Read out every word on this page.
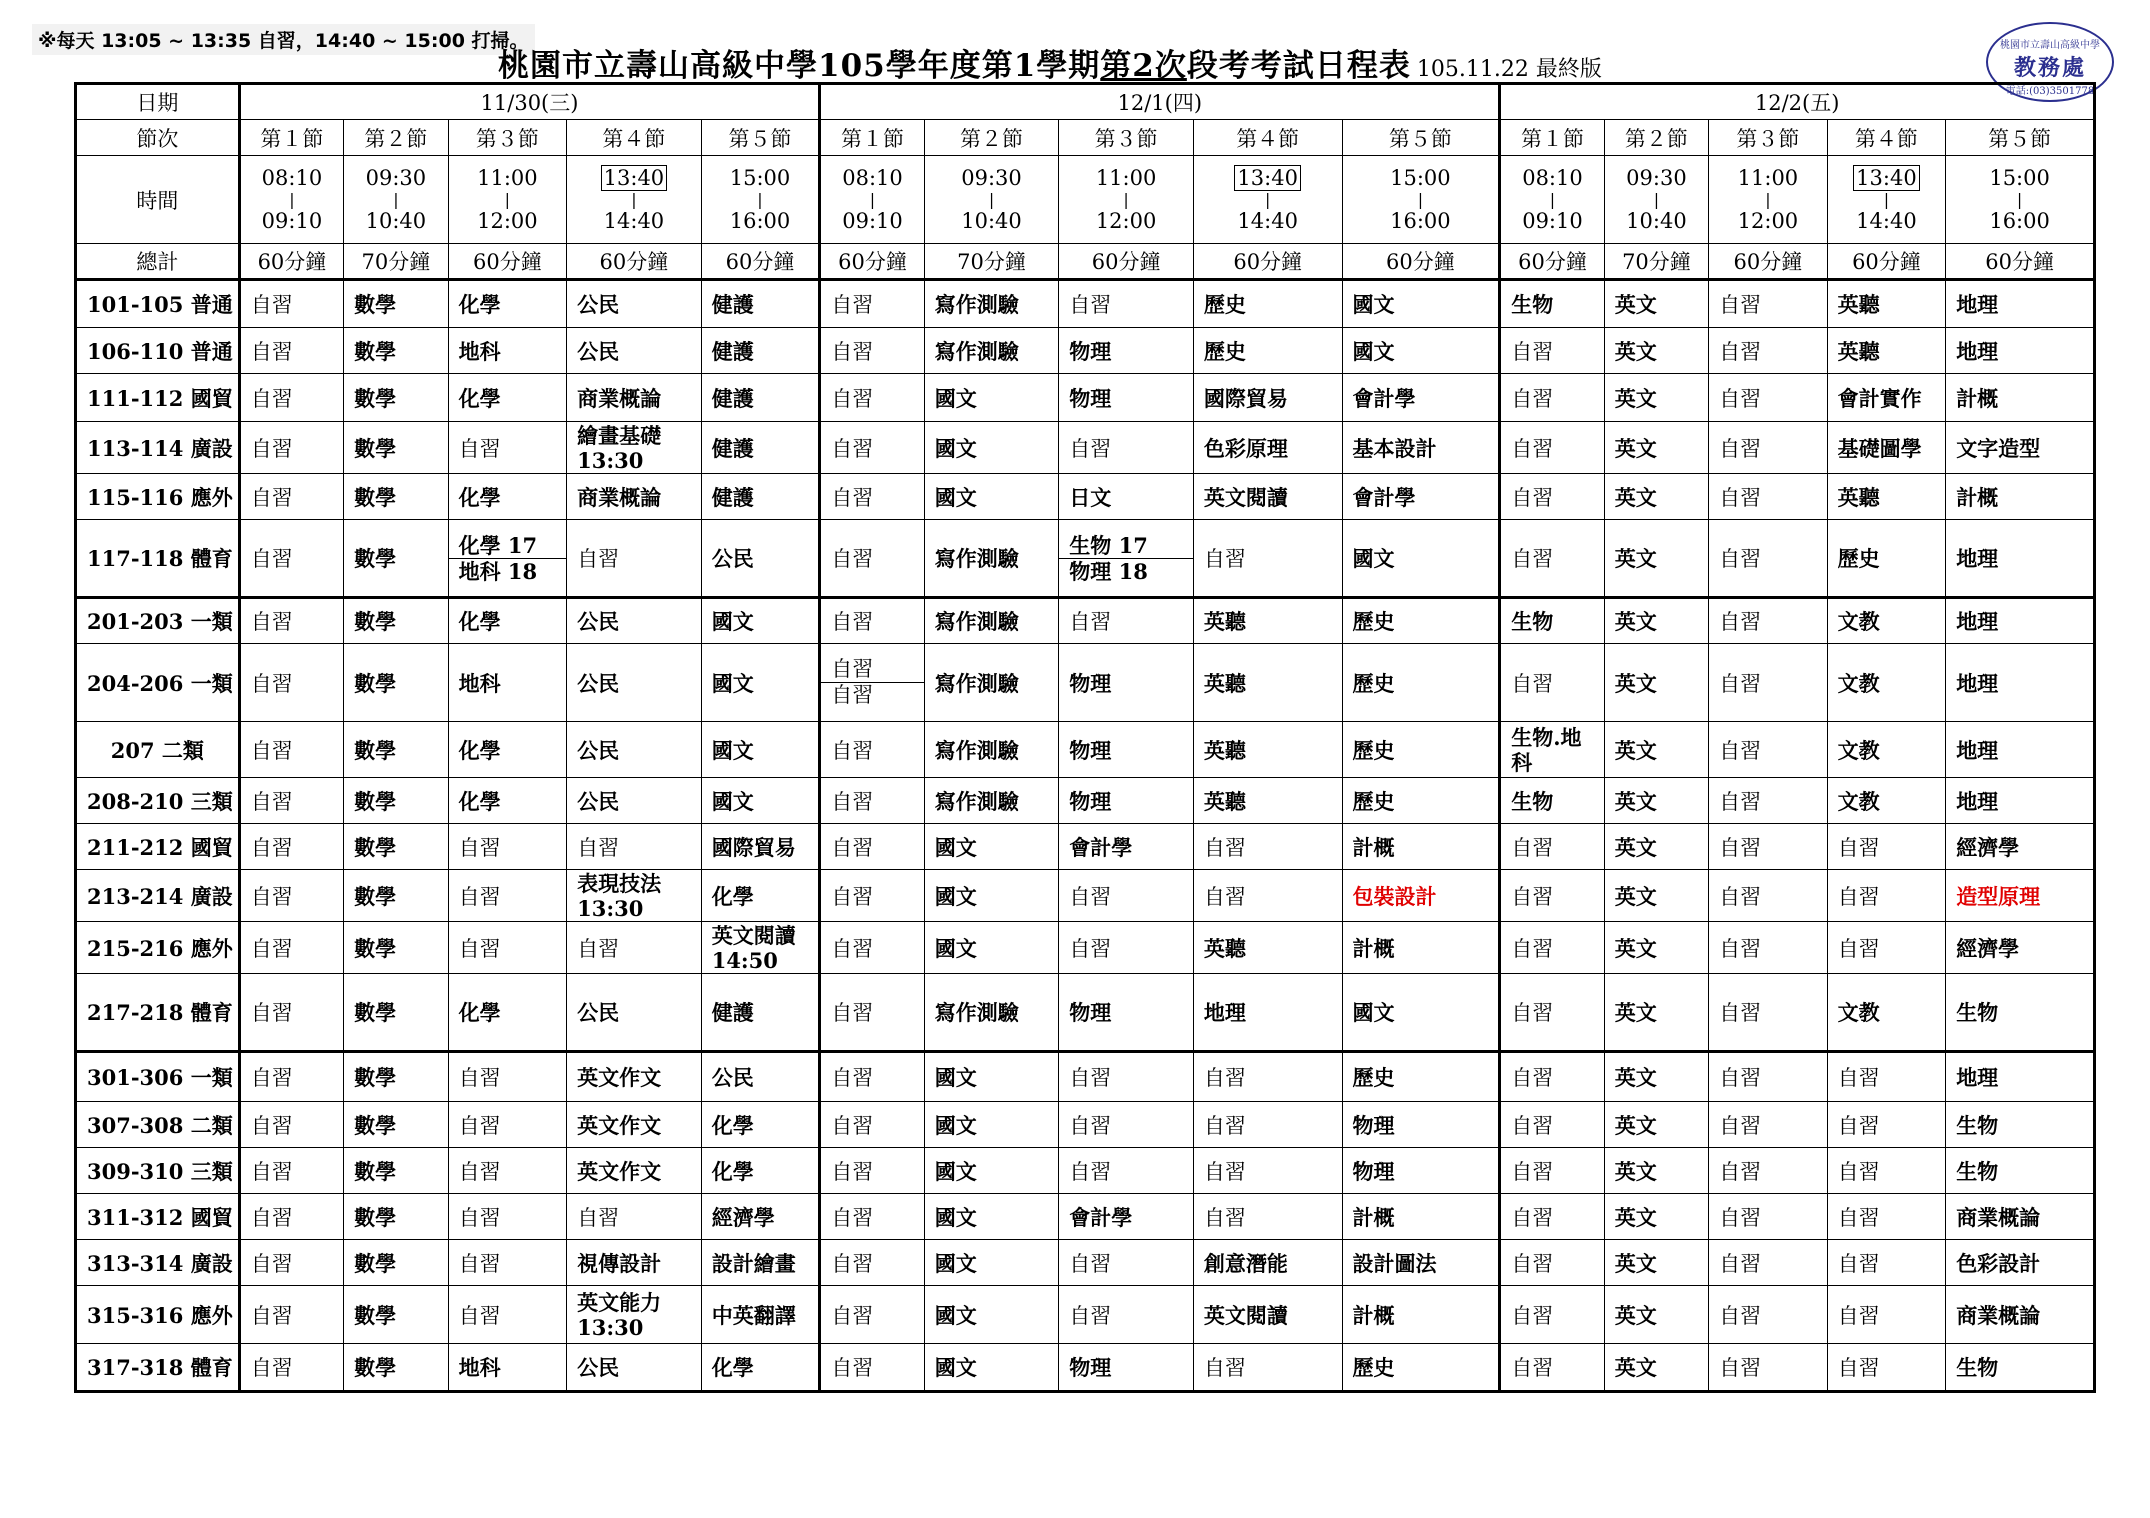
※每天 13:05 ~ 13:35 自習，14:40 ~ 15:00 打掃。
桃園市立壽山高級中學105學年度第1學期第2次段考考試日程表 105.11.22 最終版
桃園市立壽山高級中學
教務處
電話:(03)3501778
日期	11/30(三)					12/1(四)					12/2(五)				
節次	第１節	第２節	第３節	第４節	第５節	第１節	第２節	第３節	第４節	第５節	第１節	第２節	第３節	第４節	第５節
時間	08:10
|
09:10	09:30
|
10:40	11:00
|
12:00	13:40
|
14:40	15:00
|
16:00	08:10
|
09:10	09:30
|
10:40	11:00
|
12:00	13:40
|
14:40	15:00
|
16:00	08:10
|
09:10	09:30
|
10:40	11:00
|
12:00	13:40
|
14:40	15:00
|
16:00
總計	60分鐘	70分鐘	60分鐘	60分鐘	60分鐘	60分鐘	70分鐘	60分鐘	60分鐘	60分鐘	60分鐘	70分鐘	60分鐘	60分鐘	60分鐘
101-105 普通	自習	數學	化學	公民	健護	自習	寫作測驗	自習	歷史	國文	生物	英文	自習	英聽	地理
106-110 普通	自習	數學	地科	公民	健護	自習	寫作測驗	物理	歷史	國文	自習	英文	自習	英聽	地理
111-112 國貿	自習	數學	化學	商業概論	健護	自習	國文	物理	國際貿易	會計學	自習	英文	自習	會計實作	計概
113-114 廣設	自習	數學	自習	繪畫基礎
13:30	健護	自習	國文	自習	色彩原理	基本設計	自習	英文	自習	基礎圖學	文字造型
115-116 應外	自習	數學	化學	商業概論	健護	自習	國文	日文	英文閱讀	會計學	自習	英文	自習	英聽	計概
117-118 體育	自習	數學	化學 17
地科 18	自習	公民	自習	寫作測驗	生物 17
物理 18	自習	國文	自習	英文	自習	歷史	地理
201-203 一類	自習	數學	化學	公民	國文	自習	寫作測驗	自習	英聽	歷史	生物	英文	自習	文教	地理
204-206 一類	自習	數學	地科	公民	國文	自習
自習	寫作測驗	物理	英聽	歷史	自習	英文	自習	文教	地理
207 二類	自習	數學	化學	公民	國文	自習	寫作測驗	物理	英聽	歷史	生物.地
科	英文	自習	文教	地理
208-210 三類	自習	數學	化學	公民	國文	自習	寫作測驗	物理	英聽	歷史	生物	英文	自習	文教	地理
211-212 國貿	自習	數學	自習	自習	國際貿易	自習	國文	會計學	自習	計概	自習	英文	自習	自習	經濟學
213-214 廣設	自習	數學	自習	表現技法
13:30	化學	自習	國文	自習	自習	包裝設計	自習	英文	自習	自習	造型原理
215-216 應外	自習	數學	自習	自習	英文閱讀
14:50	自習	國文	自習	英聽	計概	自習	英文	自習	自習	經濟學
217-218 體育	自習	數學	化學	公民	健護	自習	寫作測驗	物理	地理	國文	自習	英文	自習	文教	生物
301-306 一類	自習	數學	自習	英文作文	公民	自習	國文	自習	自習	歷史	自習	英文	自習	自習	地理
307-308 二類	自習	數學	自習	英文作文	化學	自習	國文	自習	自習	物理	自習	英文	自習	自習	生物
309-310 三類	自習	數學	自習	英文作文	化學	自習	國文	自習	自習	物理	自習	英文	自習	自習	生物
311-312 國貿	自習	數學	自習	自習	經濟學	自習	國文	會計學	自習	計概	自習	英文	自習	自習	商業概論
313-314 廣設	自習	數學	自習	視傳設計	設計繪畫	自習	國文	自習	創意潛能	設計圖法	自習	英文	自習	自習	色彩設計
315-316 應外	自習	數學	自習	英文能力
13:30	中英翻譯	自習	國文	自習	英文閱讀	計概	自習	英文	自習	自習	商業概論
317-318 體育	自習	數學	地科	公民	化學	自習	國文	物理	自習	歷史	自習	英文	自習	自習	生物
